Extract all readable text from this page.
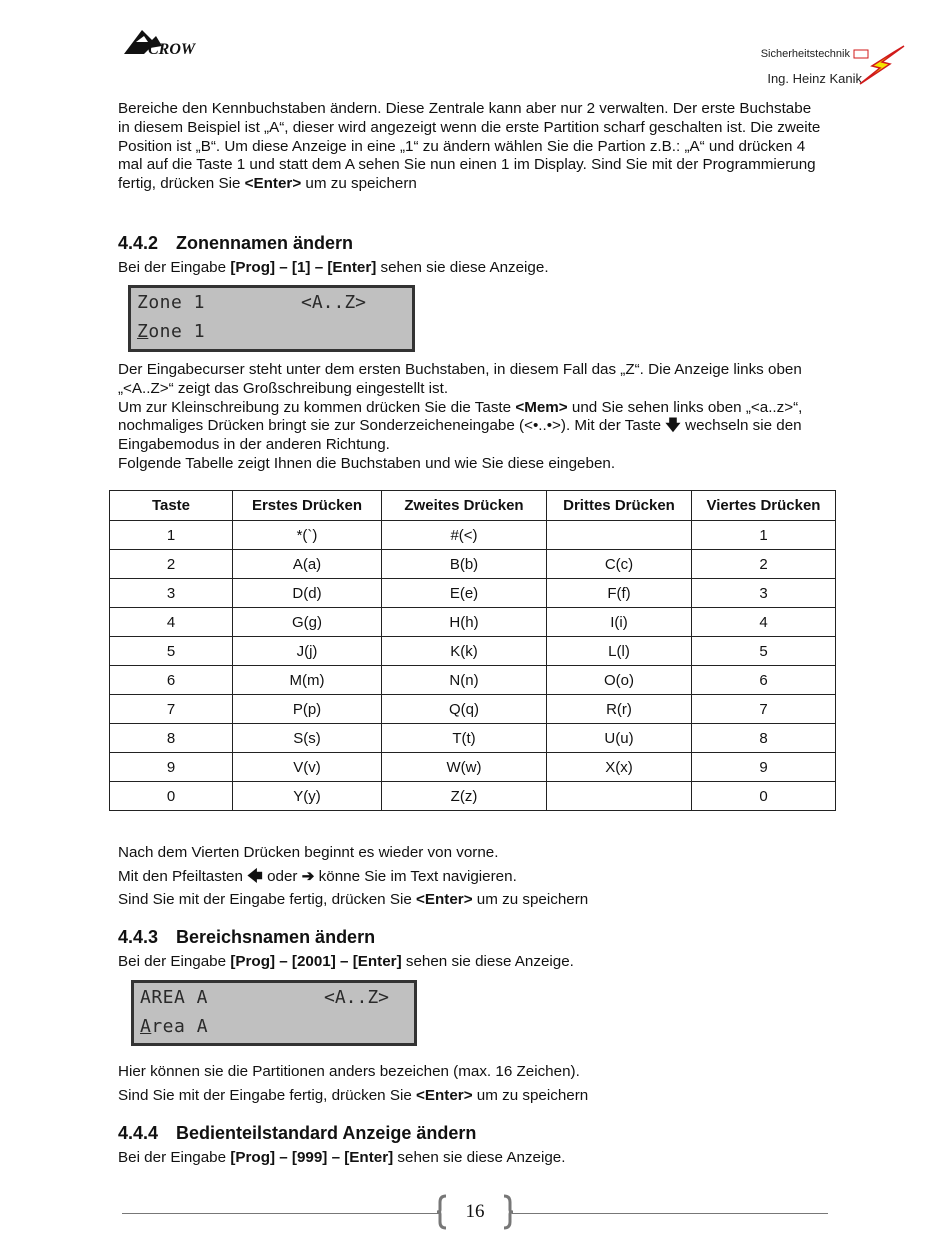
CROW	Sicherheitstechnik
Ing. Heinz Kanik

Bereiche den Kennbuchstaben ändern. Diese Zentrale kann aber nur 2 verwalten. Der erste Buchstabe in diesem Beispiel ist „A“, dieser wird angezeigt wenn die erste Partition scharf geschalten ist. Die zweite Position ist „B“. Um diese Anzeige in eine „1“ zu ändern wählen Sie die Partion z.B.: „A“ und drücken 4 mal auf die Taste 1 und statt dem A sehen Sie nun einen 1 im Display. Sind Sie mit der Programmierung fertig, drücken Sie <Enter> um zu speichern

4.4.2 Zonennamen ändern

Bei der Eingabe [Prog] – [1] – [Enter] sehen sie diese Anzeige.

Zone 1	<A..Z>
Zone 1

Der Eingabecurser steht unter dem ersten Buchstaben, in diesem Fall das „Z“. Die Anzeige links oben „<A..Z>“ zeigt das Großschreibung eingestellt ist.
Um zur Kleinschreibung zu kommen drücken Sie die Taste <Mem> und Sie sehen links oben „<a..z>“, nochmaliges Drücken bringt sie zur Sonderzeicheneingabe (<•..•>). Mit der Taste 🡇 wechseln sie den Eingabemodus in der anderen Richtung.
Folgende Tabelle zeigt Ihnen die Buchstaben und wie Sie diese eingeben.

Taste	Erstes Drücken	Zweites Drücken	Drittes Drücken	Viertes Drücken
1	*(`)	#(<)		1
2	A(a)	B(b)	C(c)	2
3	D(d)	E(e)	F(f)	3
4	G(g)	H(h)	I(i)	4
5	J(j)	K(k)	L(l)	5
6	M(m)	N(n)	O(o)	6
7	P(p)	Q(q)	R(r)	7
8	S(s)	T(t)	U(u)	8
9	V(v)	W(w)	X(x)	9
0	Y(y)	Z(z)		0

Nach dem Vierten Drücken beginnt es wieder von vorne.
Mit den Pfeiltasten 🡄 oder ➔ könne Sie im Text navigieren.
Sind Sie mit der Eingabe fertig, drücken Sie <Enter> um zu speichern

4.4.3 Bereichsnamen ändern

Bei der Eingabe [Prog] – [2001] – [Enter] sehen sie diese Anzeige.

AREA A	<A..Z>
Area A

Hier können sie die Partitionen anders bezeichen (max. 16 Zeichen).
Sind Sie mit der Eingabe fertig, drücken Sie <Enter> um zu speichern

4.4.4 Bedienteilstandard Anzeige ändern

Bei der Eingabe [Prog] – [999] – [Enter] sehen sie diese Anzeige.

16
